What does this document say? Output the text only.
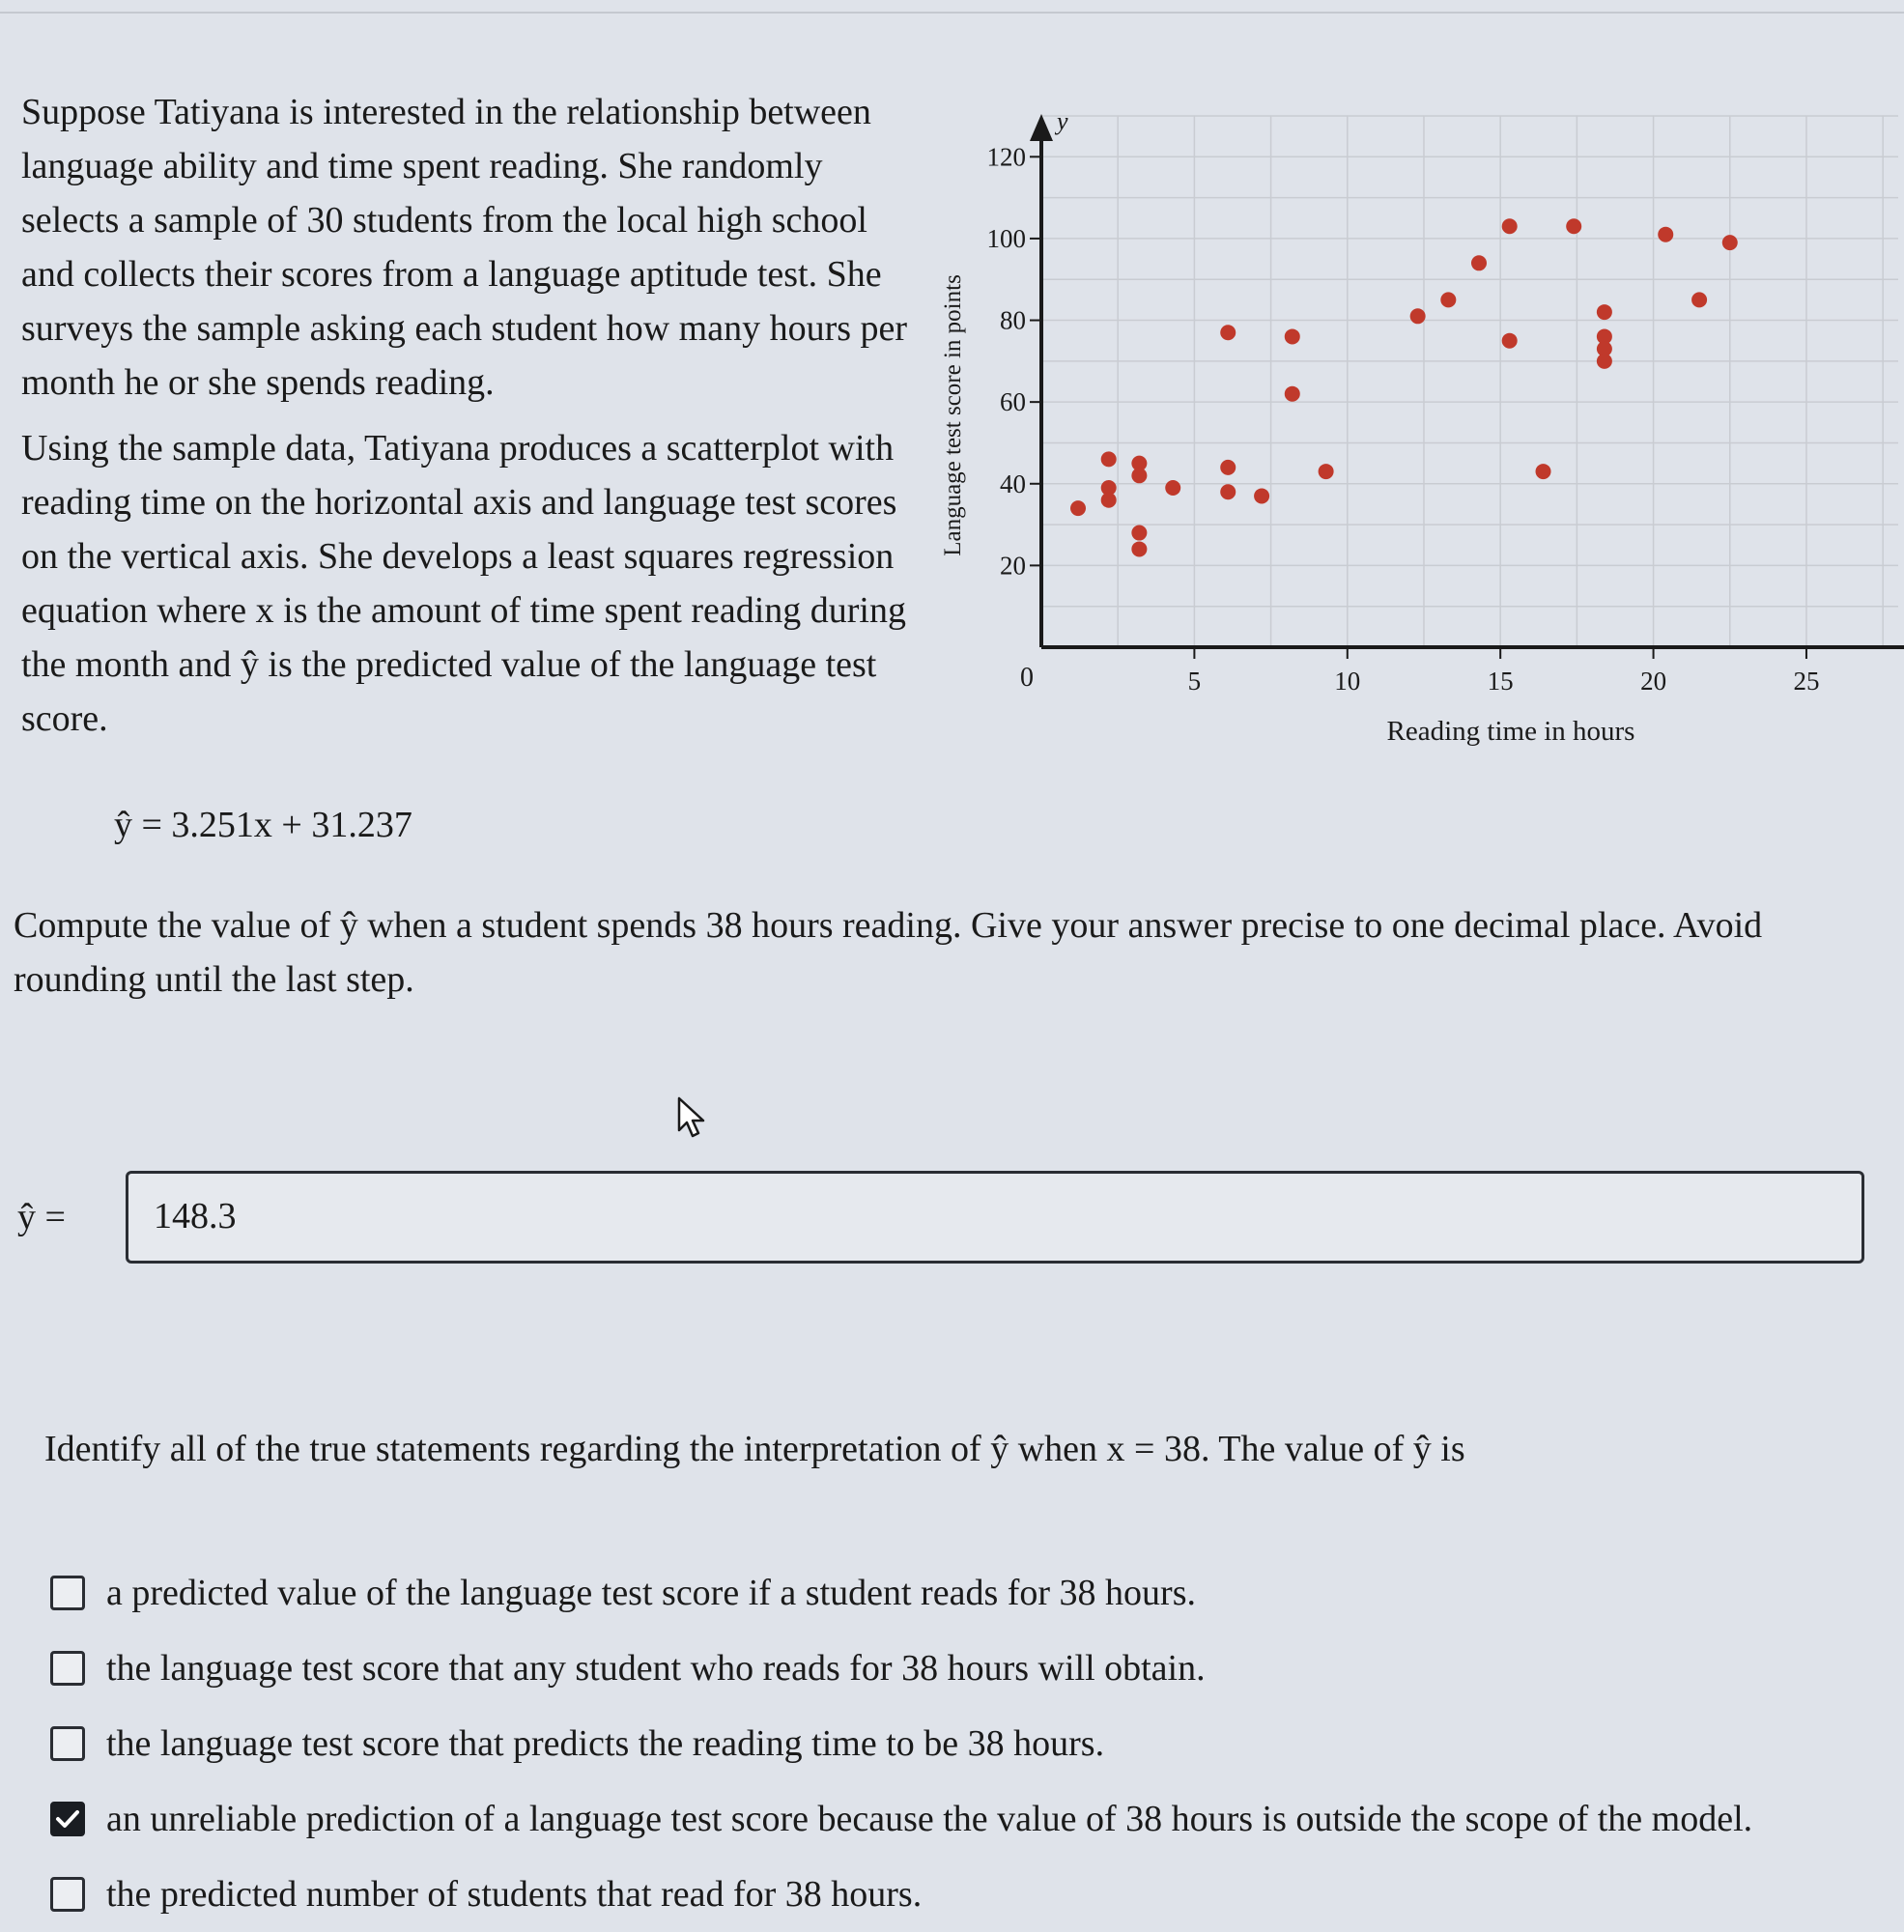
Suppose Tatiyana is interested in the relationship between language ability and time spent reading. She randomly selects a sample of 30 students from the local high school and collects their scores from a language aptitude test. She surveys the sample asking each student how many hours per month he or she spends reading.

Using the sample data, Tatiyana produces a scatterplot with reading time on the horizontal axis and language test scores on the vertical axis. She develops a least squares regression equation where x is the amount of time spent reading during the month and ŷ is the predicted value of the language test score.

20
40
60
80
100
120
5	10	15	20	25
Language test score in points
Reading time in hours
y
0
ŷ = 3.251x + 31.237
Compute the value of ŷ when a student spends 38 hours reading. Give your answer precise to one decimal place. Avoid rounding until the last step.
ŷ =	148.3
Identify all of the true statements regarding the interpretation of ŷ when x = 38. The value of ŷ is
a predicted value of the language test score if a student reads for 38 hours.
the language test score that any student who reads for 38 hours will obtain.
the language test score that predicts the reading time to be 38 hours.
an unreliable prediction of a language test score because the value of 38 hours is outside the scope of the model.
the predicted number of students that read for 38 hours.
